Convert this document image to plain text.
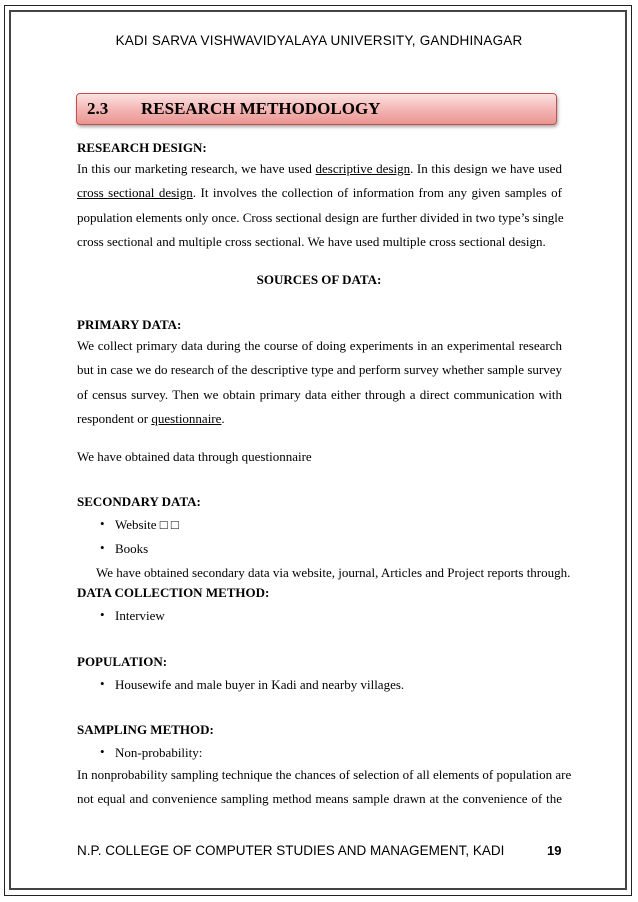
KADI SARVA VISHWAVIDYALAYA UNIVERSITY, GANDHINAGAR
2.3 RESEARCH METHODOLOGY
RESEARCH DESIGN:
In this our marketing research, we have used descriptive design. In this design we have used
cross sectional design. It involves the collection of information from any given samples of
population elements only once. Cross sectional design are further divided in two type’s single
cross sectional and multiple cross sectional. We have used multiple cross sectional design.
SOURCES OF DATA:
PRIMARY DATA:
We collect primary data during the course of doing experiments in an experimental research
but in case we do research of the descriptive type and perform survey whether sample survey
of census survey. Then we obtain primary data either through a direct communication with
respondent or questionnaire.
We have obtained data through questionnaire
SECONDARY DATA:
• Website □ □
• Books
We have obtained secondary data via website, journal, Articles and Project reports through.
DATA COLLECTION METHOD:
• Interview
POPULATION:
• Housewife and male buyer in Kadi and nearby villages.
SAMPLING METHOD:
• Non-probability:
In nonprobability sampling technique the chances of selection of all elements of population are
not equal and convenience sampling method means sample drawn at the convenience of the
N.P. COLLEGE OF COMPUTER STUDIES AND MANAGEMENT, KADI	19
